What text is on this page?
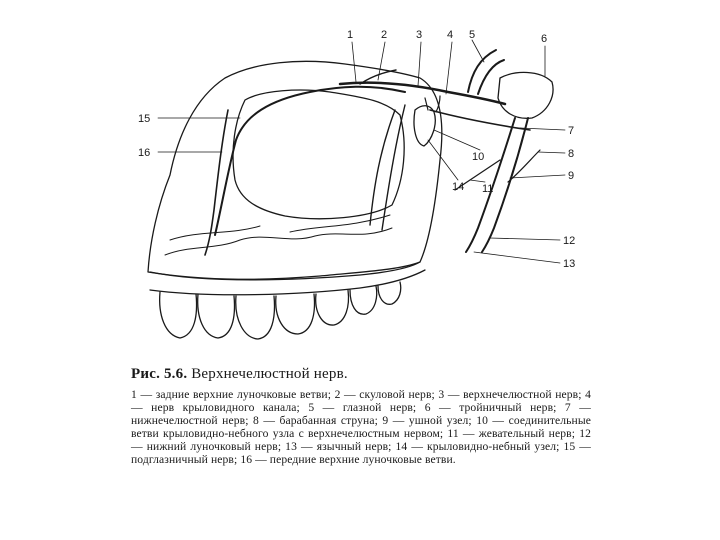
1	2	3 4 5	6
7
8
9
10
11
12
13
14
15
16
Рис. 5.6. Верхнечелюстной нерв.

1 — задние верхние луночковые ветви; 2 — скуловой нерв; 3 — верхнечелюстной нерв; 4 — нерв крыловидного канала; 5 — глазной нерв; 6 — тройничный нерв; 7 — нижнечелюстной нерв; 8 — барабанная струна; 9 — ушной узел; 10 — соединительные ветви крыловидно-небного узла с верхнечелюстным нервом; 11 — жевательный нерв; 12 — нижний луночковый нерв; 13 — язычный нерв; 14 — крыловидно-небный узел; 15 — подглазничный нерв; 16 — передние верхние луночковые ветви.
